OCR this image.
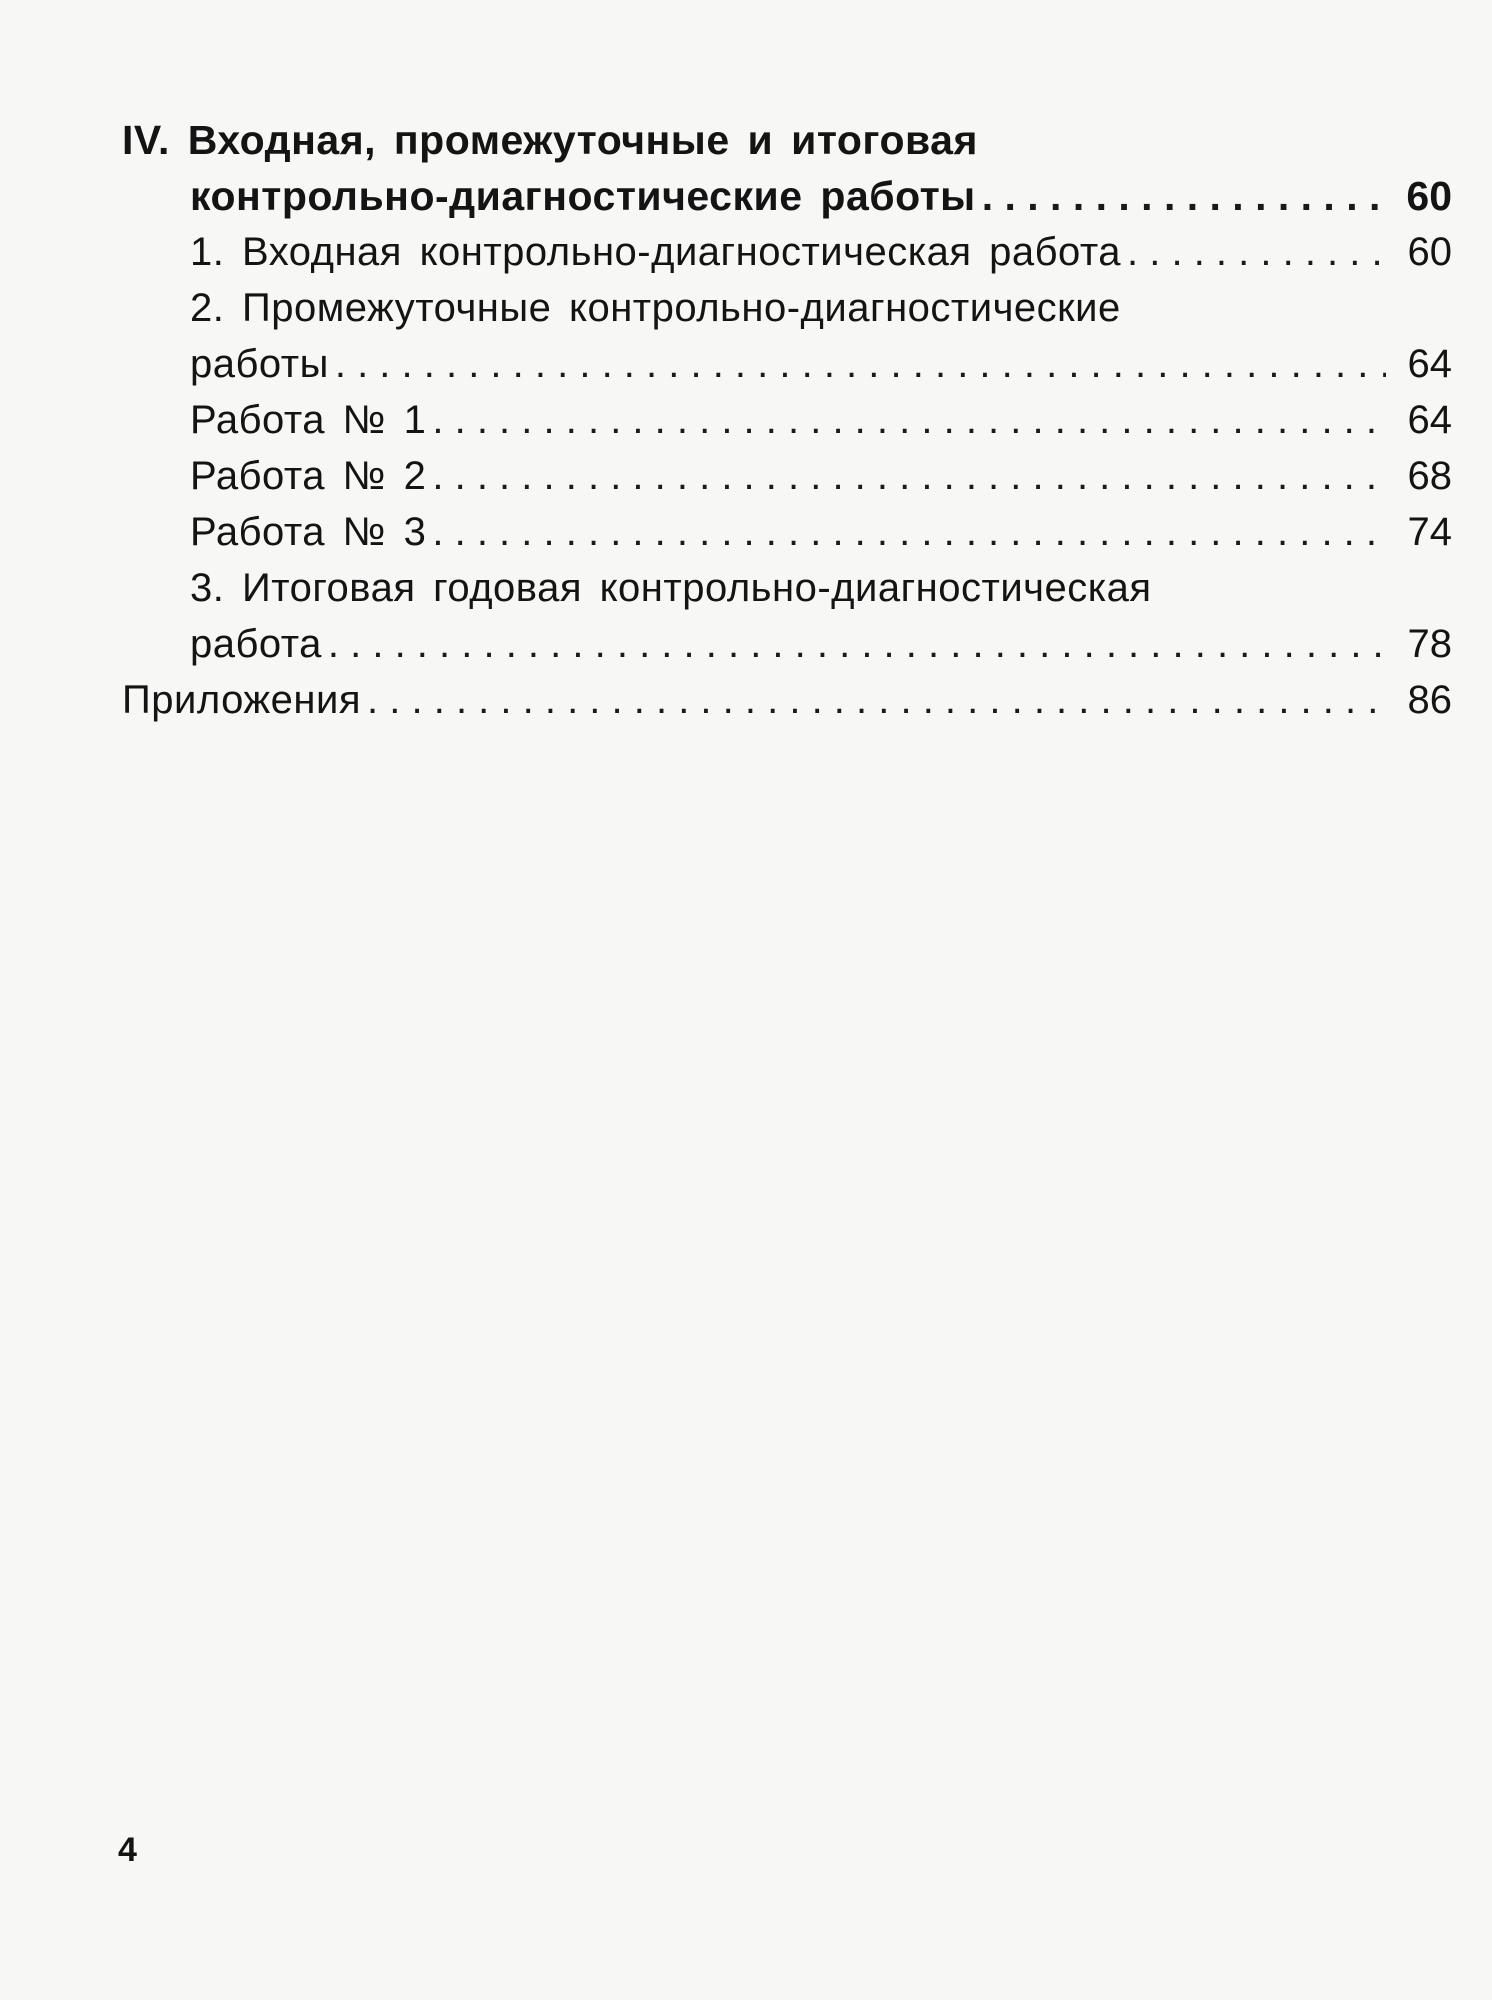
IV. Входная, промежуточные и итоговая
контрольно-диагностические работы . . .	60
1. Входная контрольно-диагностическая работа . . .	60
2. Промежуточные контрольно-диагностические
работы . . .	64
Работа № 1 . . .	64
Работа № 2 . . .	68
Работа № 3 . . .	74
3. Итоговая годовая контрольно-диагностическая
работа . . .	78
Приложения . . .	86
4
